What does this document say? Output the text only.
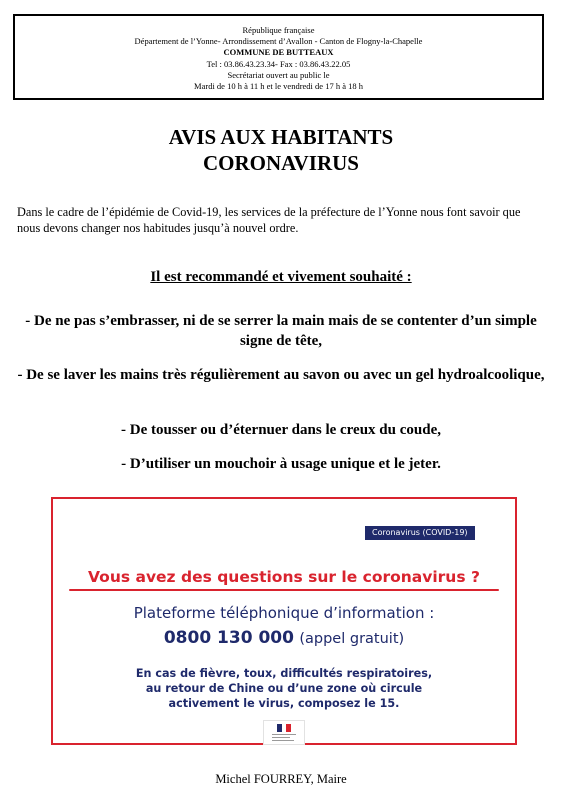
République française
Département de l’Yonne- Arrondissement d’Avallon - Canton de Flogny-la-Chapelle
COMMUNE DE BUTTEAUX
Tel : 03.86.43.23.34- Fax : 03.86.43.22.05
Secrétariat ouvert au public le
Mardi de 10 h à 11 h et le vendredi de 17 h à 18 h
AVIS AUX HABITANTS
CORONAVIRUS
Dans le cadre de l’épidémie de Covid-19, les services de la préfecture de l’Yonne nous font savoir que nous devons changer nos habitudes jusqu’à nouvel ordre.
Il est recommandé et vivement souhaité :
- De ne pas s’embrasser, ni de se serrer la main mais de se contenter d’un simple signe de tête,
- De se laver les mains très régulièrement au savon ou avec un gel hydroalcoolique,
- De tousser ou d’éternuer dans le creux du coude,
- D’utiliser un mouchoir à usage unique et le jeter.
Coronavirus (COVID-19)
Vous avez des questions sur le coronavirus ?
Plateforme téléphonique d’information :
0800 130 000 (appel gratuit)
En cas de fièvre, toux, difficultés respiratoires,
au retour de Chine ou d’une zone où circule
activement le virus, composez le 15.
Michel FOURREY, Maire
